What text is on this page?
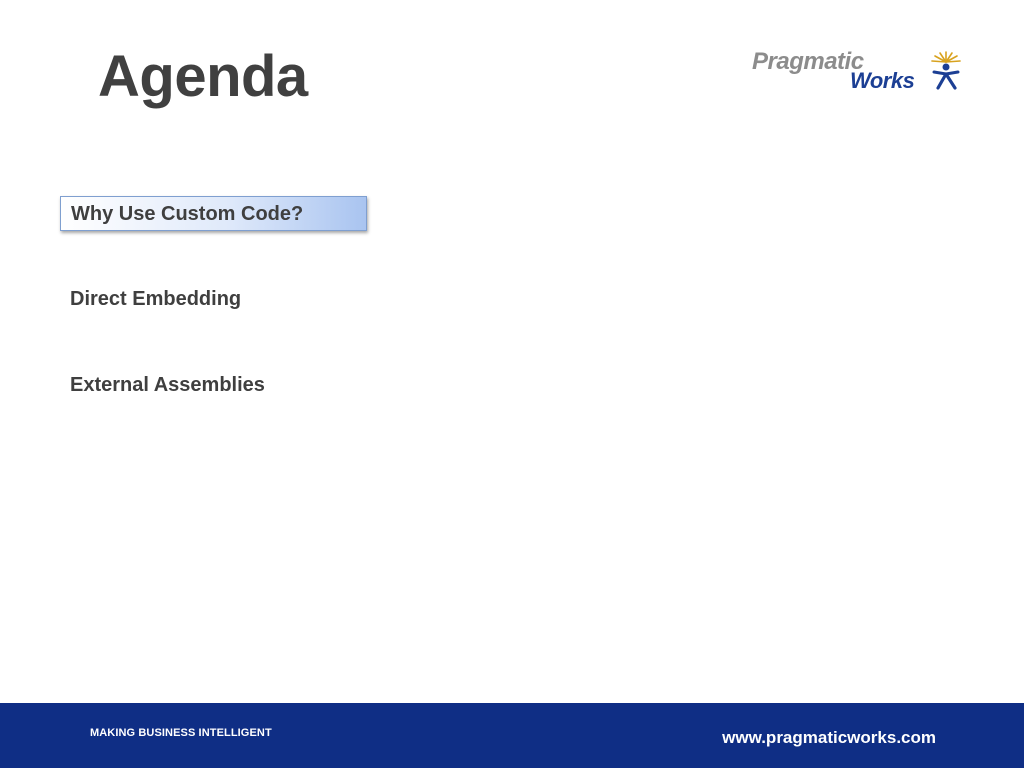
Agenda	Pragmatic
Works
Why Use Custom Code?
Direct Embedding
External Assemblies
MAKING BUSINESS INTELLIGENT	www.pragmaticworks.com
